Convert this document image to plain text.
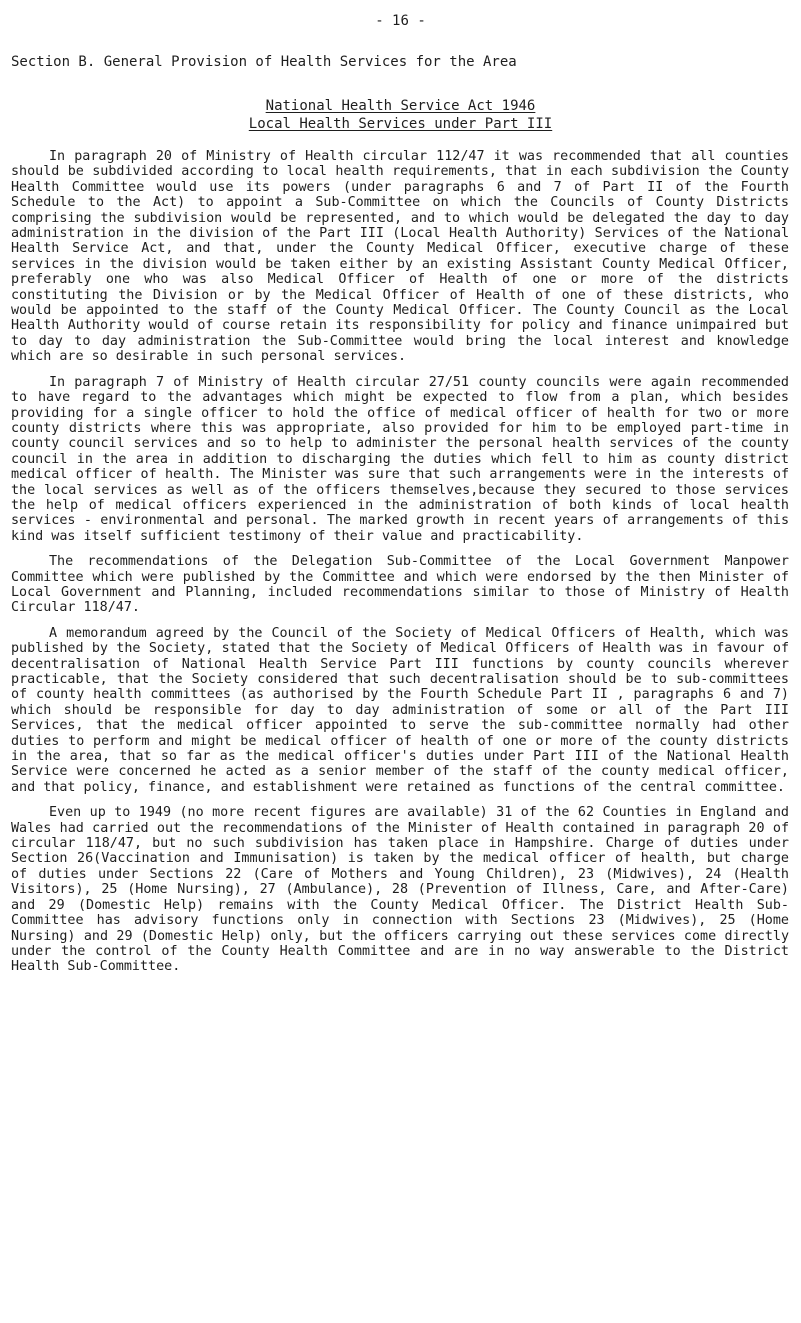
- 16 -
Section B. General Provision of Health Services for the Area
National Health Service Act 1946
Local Health Services under Part III

In paragraph 20 of Ministry of Health circular 112/47 it was recommended that all counties should be subdivided according to local health requirements, that in each subdivision the County Health Committee would use its powers (under paragraphs 6 and 7 of Part II of the Fourth Schedule to the Act) to appoint a Sub-Committee on which the Councils of County Districts comprising the subdivision would be represented, and to which would be delegated the day to day administration in the division of the Part III (Local Health Authority) Services of the National Health Service Act, and that, under the County Medical Officer, executive charge of these services in the division would be taken either by an existing Assistant County Medical Officer, preferably one who was also Medical Officer of Health of one or more of the districts constituting the Division or by the Medical Officer of Health of one of these districts, who would be appointed to the staff of the County Medical Officer. The County Council as the Local Health Authority would of course retain its responsibility for policy and finance unimpaired but to day to day administration the Sub-Committee would bring the local interest and knowledge which are so desirable in such personal services.

In paragraph 7 of Ministry of Health circular 27/51 county councils were again recommended to have regard to the advantages which might be expected to flow from a plan, which besides providing for a single officer to hold the office of medical officer of health for two or more county districts where this was appropriate, also provided for him to be employed part-time in county council services and so to help to administer the personal health services of the county council in the area in addition to discharging the duties which fell to him as county district medical officer of health. The Minister was sure that such arrangements were in the interests of the local services as well as of the officers themselves,because they secured to those services the help of medical officers experienced in the administration of both kinds of local health services - environmental and personal. The marked growth in recent years of arrangements of this kind was itself sufficient testimony of their value and practicability.

The recommendations of the Delegation Sub-Committee of the Local Government Manpower Committee which were published by the Committee and which were endorsed by the then Minister of Local Government and Planning, included recommendations similar to those of Ministry of Health Circular 118/47.

A memorandum agreed by the Council of the Society of Medical Officers of Health, which was published by the Society, stated that the Society of Medical Officers of Health was in favour of decentralisation of National Health Service Part III functions by county councils wherever practicable, that the Society considered that such decentralisation should be to sub-committees of county health committees (as authorised by the Fourth Schedule Part II , paragraphs 6 and 7) which should be responsible for day to day administration of some or all of the Part III Services, that the medical officer appointed to serve the sub-committee normally had other duties to perform and might be medical officer of health of one or more of the county districts in the area, that so far as the medical officer's duties under Part III of the National Health Service were concerned he acted as a senior member of the staff of the county medical officer, and that policy, finance, and establishment were retained as functions of the central committee.

Even up to 1949 (no more recent figures are available) 31 of the 62 Counties in England and Wales had carried out the recommendations of the Minister of Health contained in paragraph 20 of circular 118/47, but no such subdivision has taken place in Hampshire. Charge of duties under Section 26(Vaccination and Immunisation) is taken by the medical officer of health, but charge of duties under Sections 22 (Care of Mothers and Young Children), 23 (Midwives), 24 (Health Visitors), 25 (Home Nursing), 27 (Ambulance), 28 (Prevention of Illness, Care, and After-Care) and 29 (Domestic Help) remains with the County Medical Officer. The District Health Sub-Committee has advisory functions only in connection with Sections 23 (Midwives), 25 (Home Nursing) and 29 (Domestic Help) only, but the officers carrying out these services come directly under the control of the County Health Committee and are in no way answerable to the District Health Sub-Committee.
